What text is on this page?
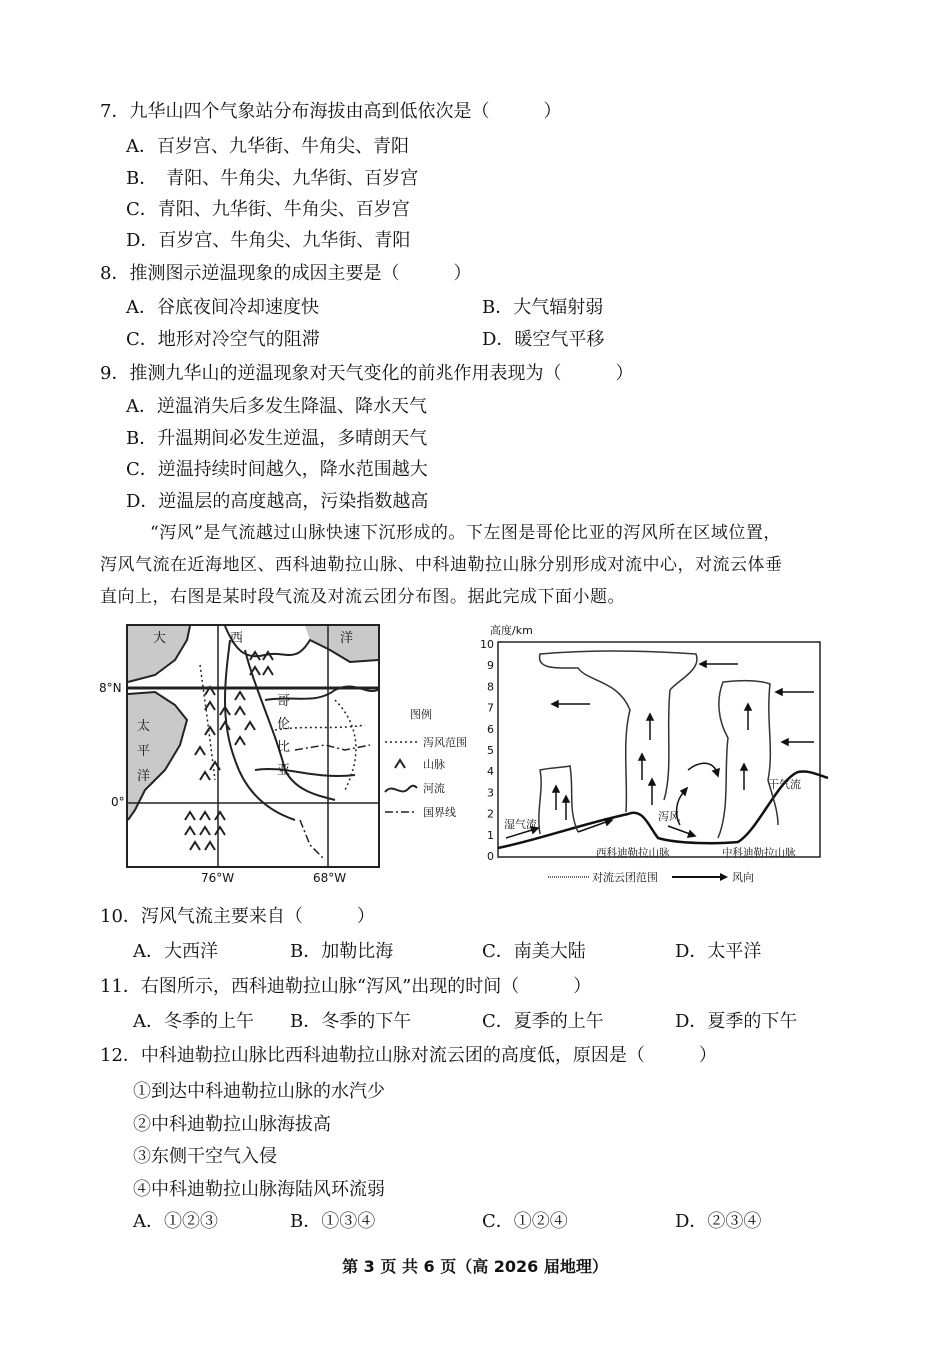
7．九华山四个气象站分布海拔由高到低依次是（　　　）
A．百岁宫、九华街、牛角尖、青阳
B．　青阳、牛角尖、九华街、百岁宫
C．青阳、九华街、牛角尖、百岁宫
D．百岁宫、牛角尖、九华街、青阳
8．推测图示逆温现象的成因主要是（　　　）
A．谷底夜间冷却速度快	B．大气辐射弱
C．地形对冷空气的阻滞	D．暖空气平移
9．推测九华山的逆温现象对天气变化的前兆作用表现为（　　　）
A．逆温消失后多发生降温、降水天气
B．升温期间必发生逆温，多晴朗天气
C．逆温持续时间越久，降水范围越大
D．逆温层的高度越高，污染指数越高
“泻风”是气流越过山脉快速下沉形成的。下左图是哥伦比亚的泻风所在区域位置，
泻风气流在近海地区、西科迪勒拉山脉、中科迪勒拉山脉分别形成对流中心，对流云体垂
直向上，右图是某时段气流及对流云团分布图。据此完成下面小题。
大	西	洋
太
平
洋
哥
伦
比
亚
8°N
0°
76°W	68°W
图例
泻风范围
山脉
河流
国界线
高度/km
0
1
2
3
4
5
6
7
8
9
10
湿气流
干气流
泻风
西科迪勒拉山脉	中科迪勒拉山脉
对流云团范围	风向
10．泻风气流主要来自（　　　）
A．大西洋	B．加勒比海	C．南美大陆	D．太平洋
11．右图所示，西科迪勒拉山脉“泻风”出现的时间（　　　）
A．冬季的上午 B．冬季的下午	C．夏季的上午	D．夏季的下午
12．中科迪勒拉山脉比西科迪勒拉山脉对流云团的高度低，原因是（　　　）
①到达中科迪勒拉山脉的水汽少
②中科迪勒拉山脉海拔高
③东侧干空气入侵
④中科迪勒拉山脉海陆风环流弱
A．①②③	B．①③④	C．①②④	D．②③④
第 3 页 共 6 页（高 2026 届地理）
